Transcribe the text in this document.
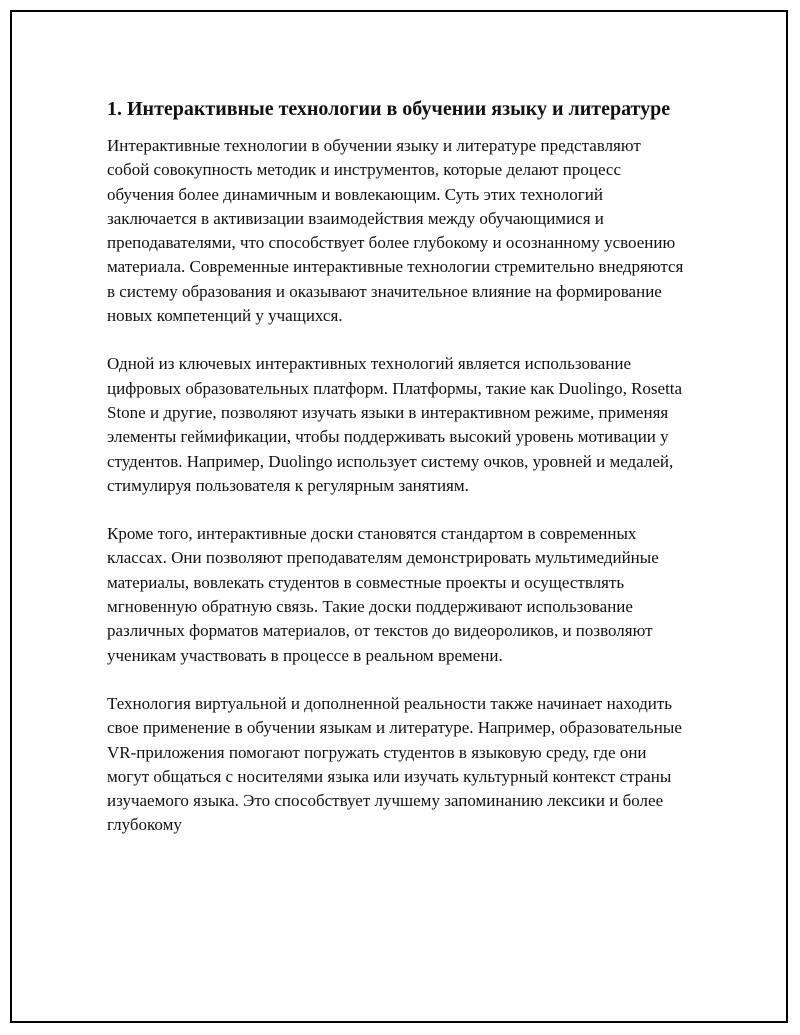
1. Интерактивные технологии в обучении языку и литературе

Интерактивные технологии в обучении языку и литературе представляют собой совокупность методик и инструментов, которые делают процесс обучения более динамичным и вовлекающим. Суть этих технологий заключается в активизации взаимодействия между обучающимися и преподавателями, что способствует более глубокому и осознанному усвоению материала. Современные интерактивные технологии стремительно внедряются в систему образования и оказывают значительное влияние на формирование новых компетенций у учащихся.

Одной из ключевых интерактивных технологий является использование цифровых образовательных платформ. Платформы, такие как Duolingo, Rosetta Stone и другие, позволяют изучать языки в интерактивном режиме, применяя элементы геймификации, чтобы поддерживать высокий уровень мотивации у студентов. Например, Duolingo использует систему очков, уровней и медалей, стимулируя пользователя к регулярным занятиям.

Кроме того, интерактивные доски становятся стандартом в современных классах. Они позволяют преподавателям демонстрировать мультимедийные материалы, вовлекать студентов в совместные проекты и осуществлять мгновенную обратную связь. Такие доски поддерживают использование различных форматов материалов, от текстов до видеороликов, и позволяют ученикам участвовать в процессе в реальном времени.

Технология виртуальной и дополненной реальности также начинает находить свое применение в обучении языкам и литературе. Например, образовательные VR-приложения помогают погружать студентов в языковую среду, где они могут общаться с носителями языка или изучать культурный контекст страны изучаемого языка. Это способствует лучшему запоминанию лексики и более глубокому
